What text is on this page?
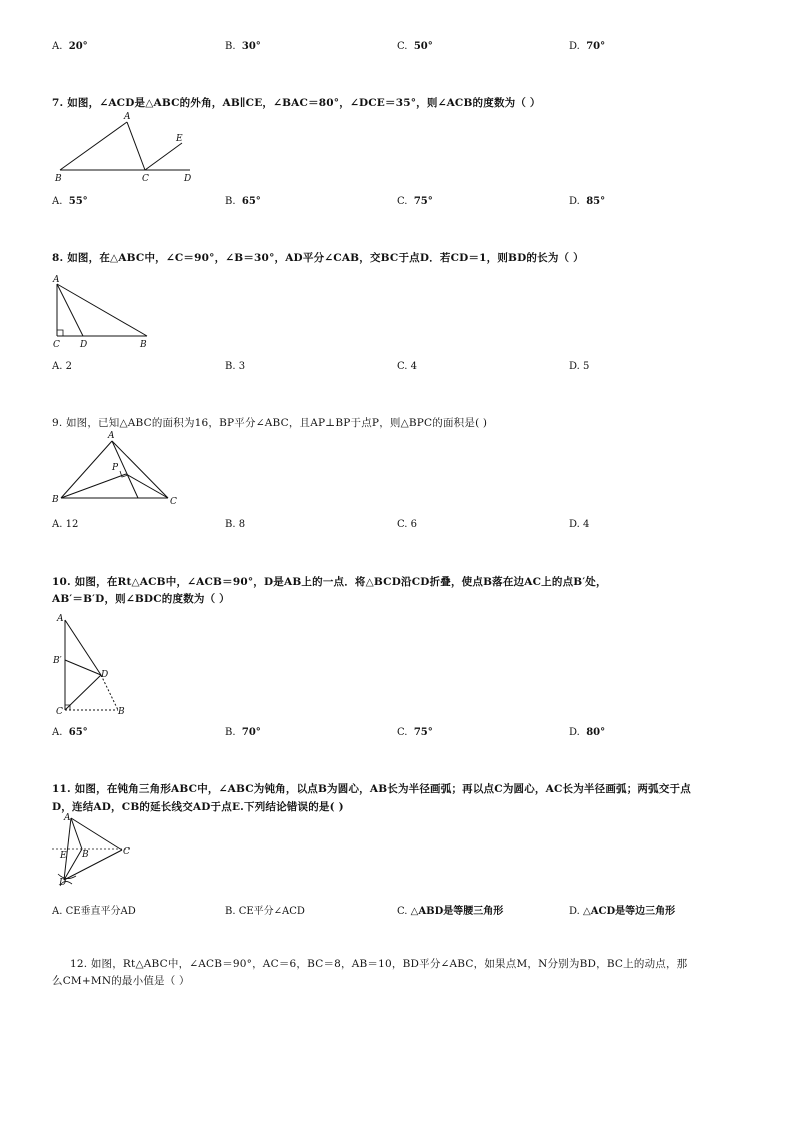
A. 20°	B. 30°	C. 50°	D. 70°
7. 如图，∠ACD是△ABC的外角，AB∥CE，∠BAC＝80°，∠DCE＝35°，则∠ACB的度数为（ ）
A
B	C	D
E
A. 55°	B. 65°	C. 75°	D. 85°
8. 如图，在△ABC中，∠C＝90°，∠B＝30°，AD平分∠CAB，交BC于点D．若CD＝1，则BD的长为（ ）
A
C D	B
A. 2	B. 3	C. 4	D. 5
9. 如图，已知△ABC的面积为16，BP平分∠ABC，且AP⊥BP于点P，则△BPC的面积是( )
A
B	C
P
A. 12	B. 8	C. 6	D. 4
10. 如图，在Rt△ACB中，∠ACB＝90°，D是AB上的一点．将△BCD沿CD折叠，使点B落在边AC上的点B′处，
AB′＝B′D，则∠BDC的度数为（ ）
A
B′
D
C	B
A. 65°	B. 70°	C. 75°	D. 80°
11. 如图，在钝角三角形ABC中，∠ABC为钝角，以点B为圆心，AB长为半径画弧；再以点C为圆心，AC长为半径画弧；两弧交于点
D，连结AD，CB的延长线交AD于点E.下列结论错误的是( )
A
E B	C
D
A. CE垂直平分AD	B. CE平分∠ACD	C. △ABD是等腰三角形	D. △ACD是等边三角形
12. 如图，Rt△ABC中，∠ACB＝90°，AC＝6，BC＝8，AB＝10，BD平分∠ABC，如果点M，N分别为BD，BC上的动点，那
么CM+MN的最小值是（ ）
